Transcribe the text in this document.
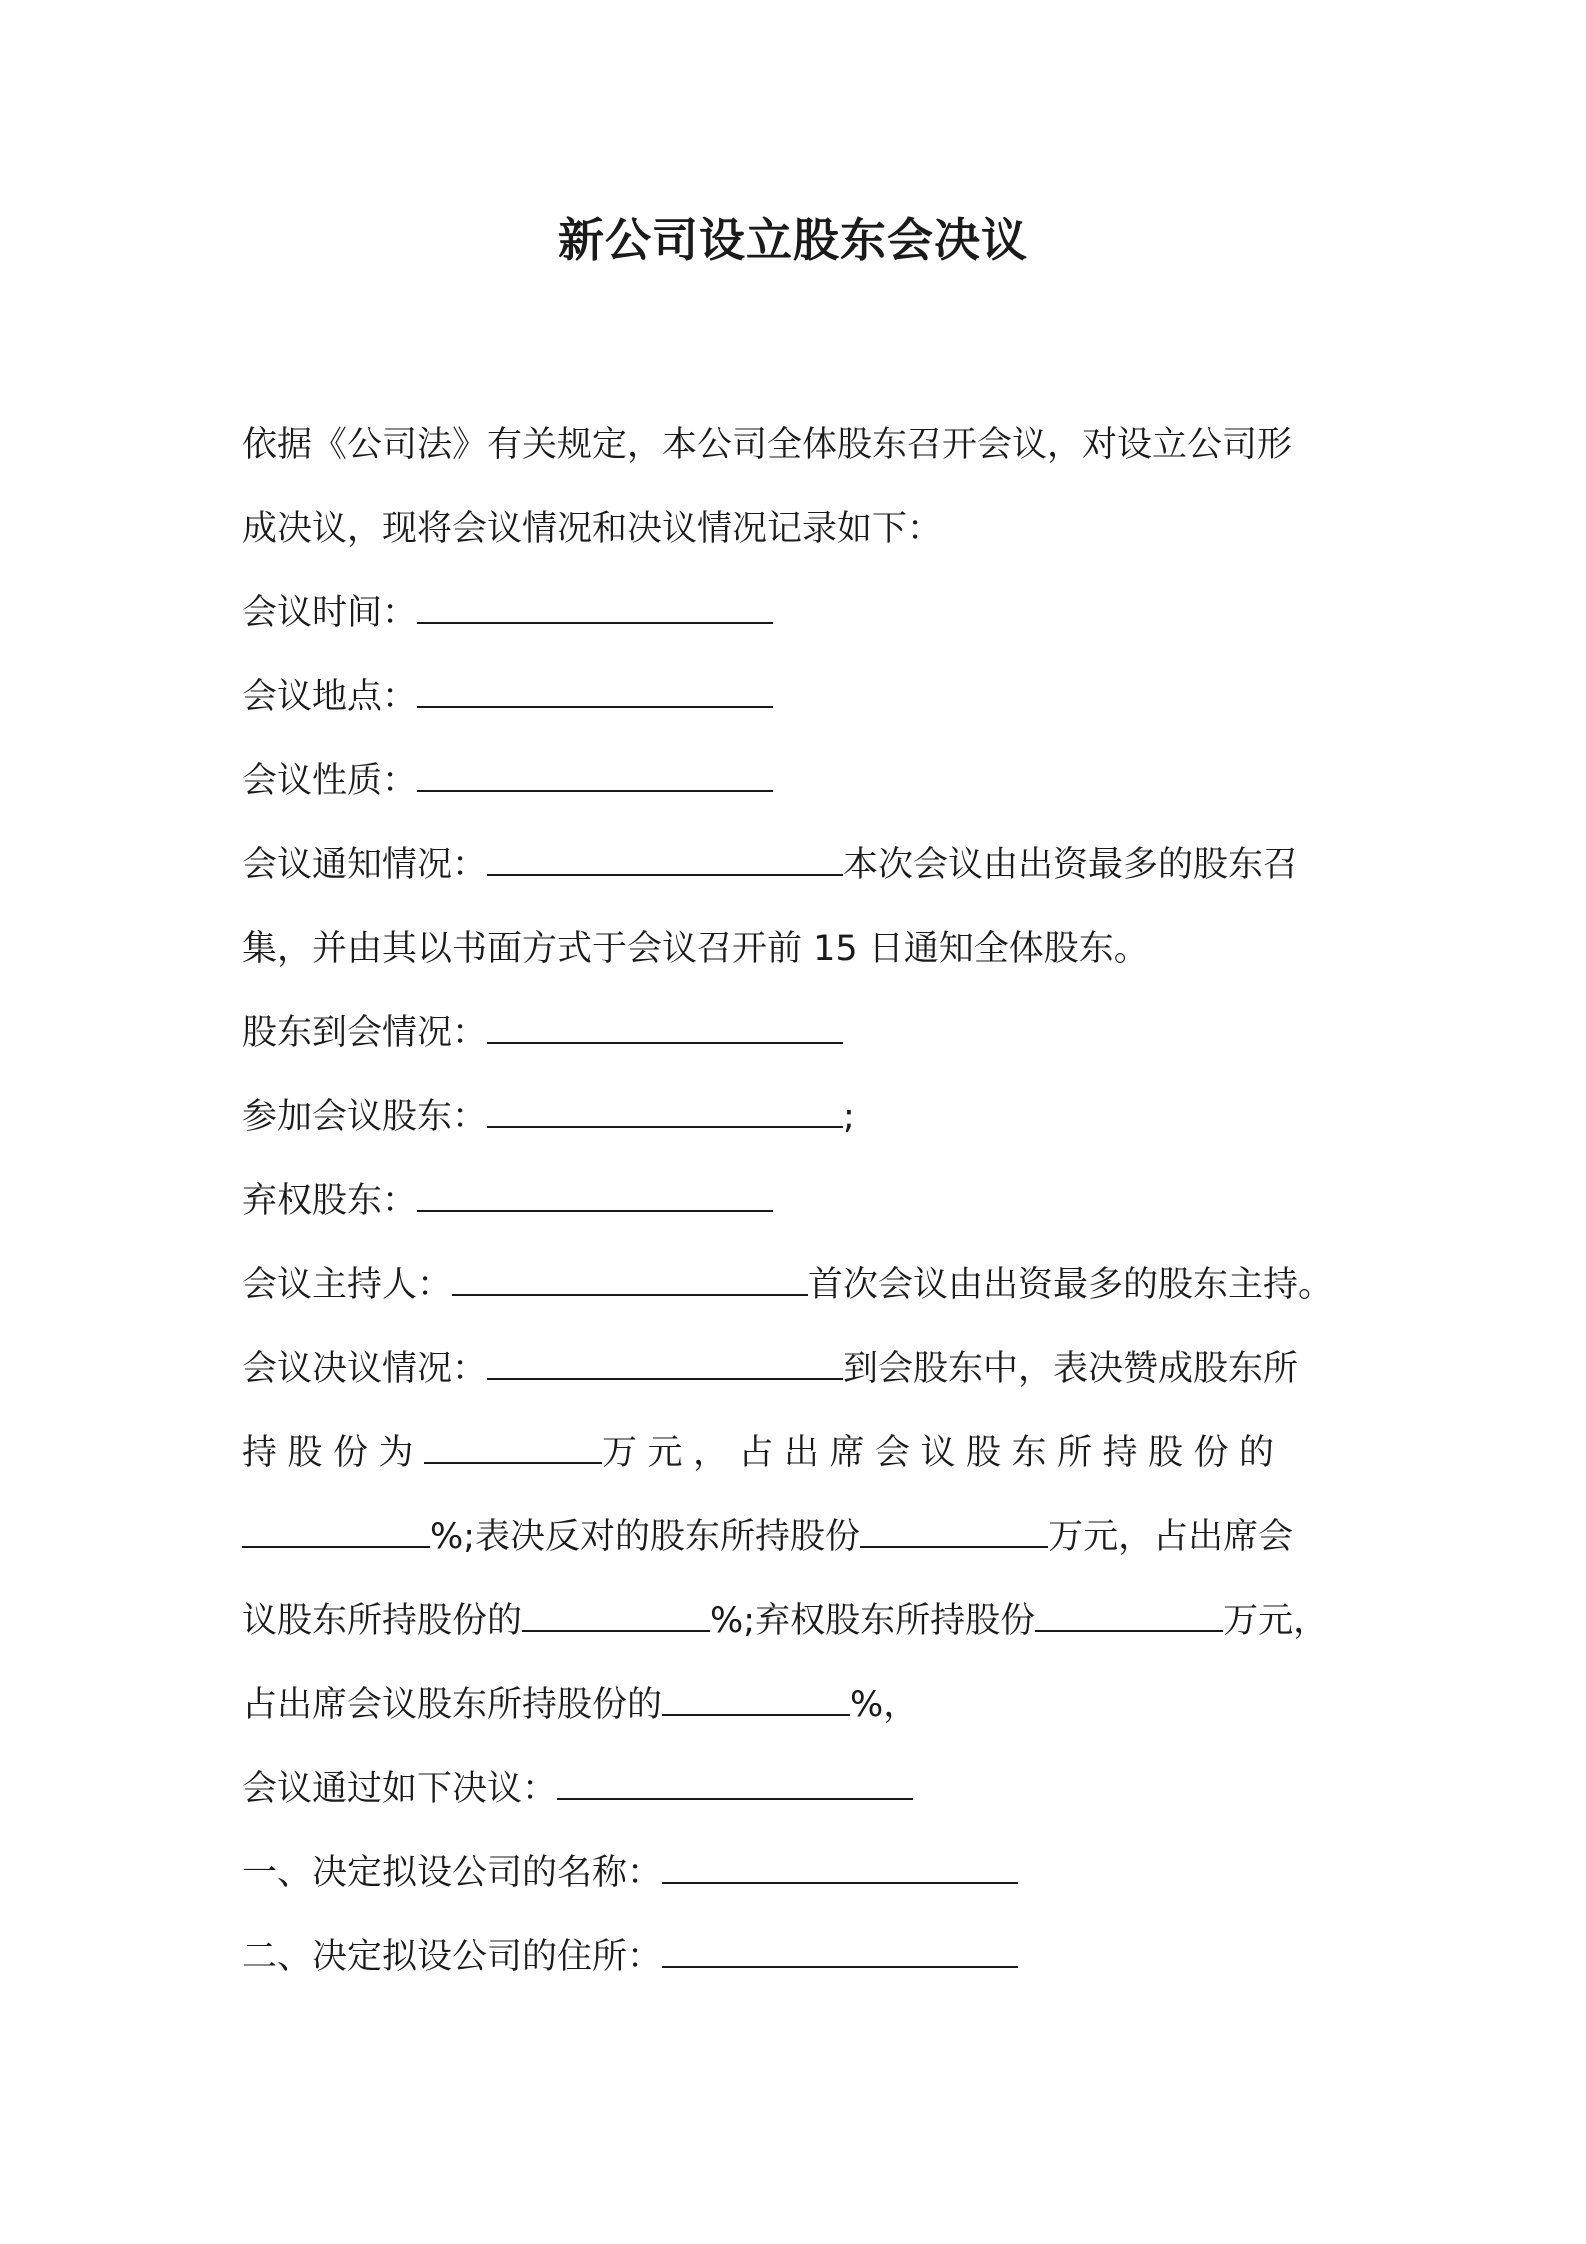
新公司设立股东会决议
依据《公司法》有关规定，本公司全体股东召开会议，对设立公司形
成决议，现将会议情况和决议情况记录如下：
会议时间：
会议地点：
会议性质：
会议通知情况：	本次会议由出资最多的股东召
集，并由其以书面方式于会议召开前 15 日通知全体股东。
股东到会情况：
参加会议股东：	;
弃权股东：
会议主持人：	首次会议由出资最多的股东主持。
会议决议情况：	到会股东中，表决赞成股东所
持股份为	万元，占出席会议股东所持股份的
%;表决反对的股东所持股份	万元，占出席会
议股东所持股份的	%;弃权股东所持股份	万元，
占出席会议股东所持股份的	%，
会议通过如下决议：
一、决定拟设公司的名称：
二、决定拟设公司的住所：
